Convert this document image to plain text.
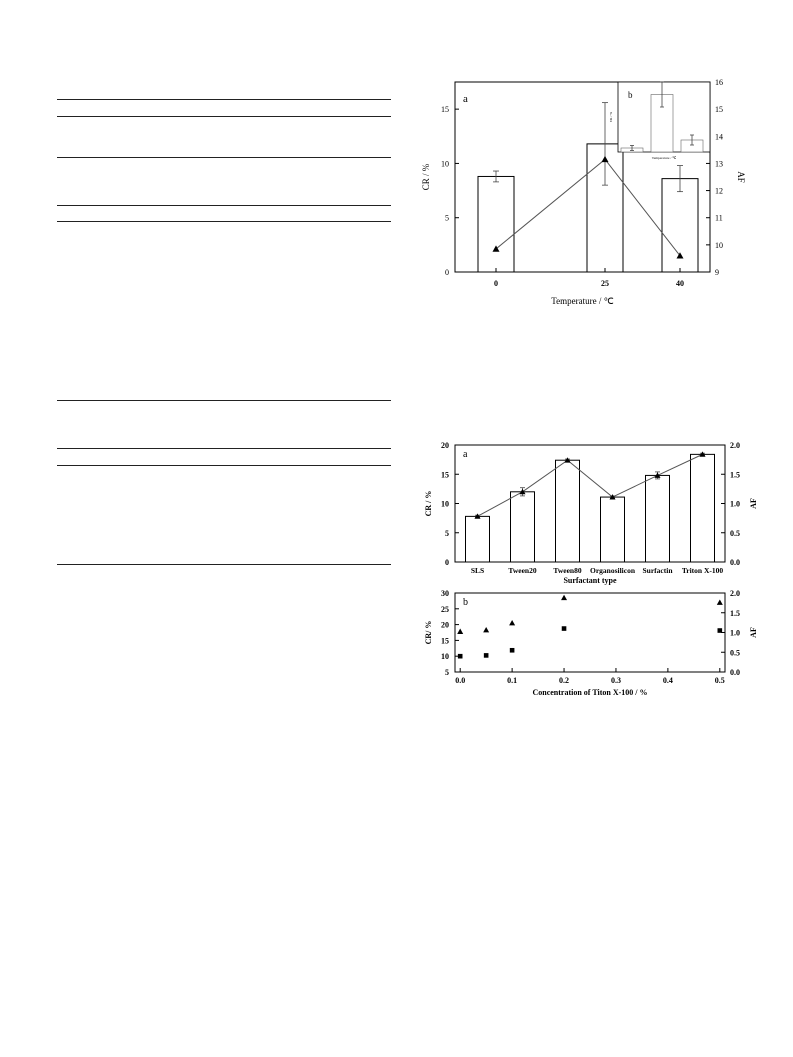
0
5
10
15
9
10
11
12
13
14
15
16
0	25	40
Temperature / ℃
CR / %	AF
a	b
Temperature / ℃
CR / %
0
5
10
15
20
0.0
0.5
1.0
1.5
2.0
SLS	Tween20 Tween80 Organosilicon Surfactin Triton X-100
Surfactant type
CR / %	AF
a
5
10
15
20
25
30
0.0
0.5
1.0
1.5
2.0
0.0	0.1	0.2	0.3	0.4	0.5
Concentration of Titon X-100 / %
CR/ %	AF
b
